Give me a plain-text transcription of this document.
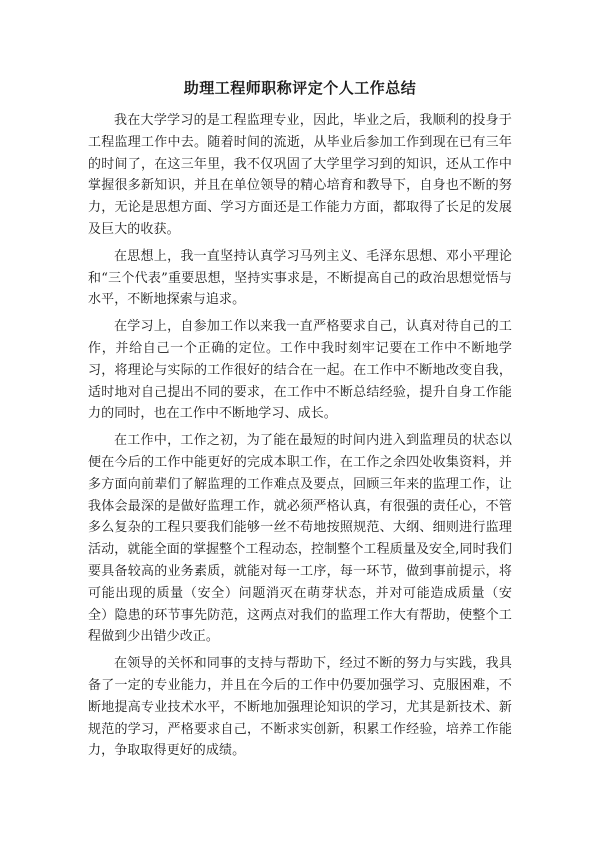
助理工程师职称评定个人工作总结

我在大学学习的是工程监理专业，因此，毕业之后，我顺利的投身于工程监理工作中去。随着时间的流逝，从毕业后参加工作到现在已有三年的时间了，在这三年里，我不仅巩固了大学里学习到的知识，还从工作中掌握很多新知识，并且在单位领导的精心培育和教导下，自身也不断的努力，无论是思想方面、学习方面还是工作能力方面，都取得了长足的发展及巨大的收获。

在思想上，我一直坚持认真学习马列主义、毛泽东思想、邓小平理论和“三个代表”重要思想，坚持实事求是，不断提高自己的政治思想觉悟与水平，不断地探索与追求。

在学习上，自参加工作以来我一直严格要求自己，认真对待自己的工作，并给自己一个正确的定位。工作中我时刻牢记要在工作中不断地学习，将理论与实际的工作很好的结合在一起。在工作中不断地改变自我，适时地对自己提出不同的要求，在工作中不断总结经验，提升自身工作能力的同时，也在工作中不断地学习、成长。

在工作中，工作之初，为了能在最短的时间内进入到监理员的状态以便在今后的工作中能更好的完成本职工作，在工作之余四处收集资料，并多方面向前辈们了解监理的工作难点及要点，回顾三年来的监理工作，让我体会最深的是做好监理工作，就必须严格认真，有很强的责任心，不管多么复杂的工程只要我们能够一丝不苟地按照规范、大纲、细则进行监理活动，就能全面的掌握整个工程动态，控制整个工程质量及安全,同时我们要具备较高的业务素质，就能对每一工序，每一环节，做到事前提示，将可能出现的质量（安全）问题消灭在萌芽状态，并对可能造成质量（安全）隐患的环节事先防范，这两点对我们的监理工作大有帮助，使整个工程做到少出错少改正。

在领导的关怀和同事的支持与帮助下，经过不断的努力与实践，我具备了一定的专业能力，并且在今后的工作中仍要加强学习、克服困难，不断地提高专业技术水平，不断地加强理论知识的学习，尤其是新技术、新规范的学习，严格要求自己，不断求实创新，积累工作经验，培养工作能力，争取取得更好的成绩。
